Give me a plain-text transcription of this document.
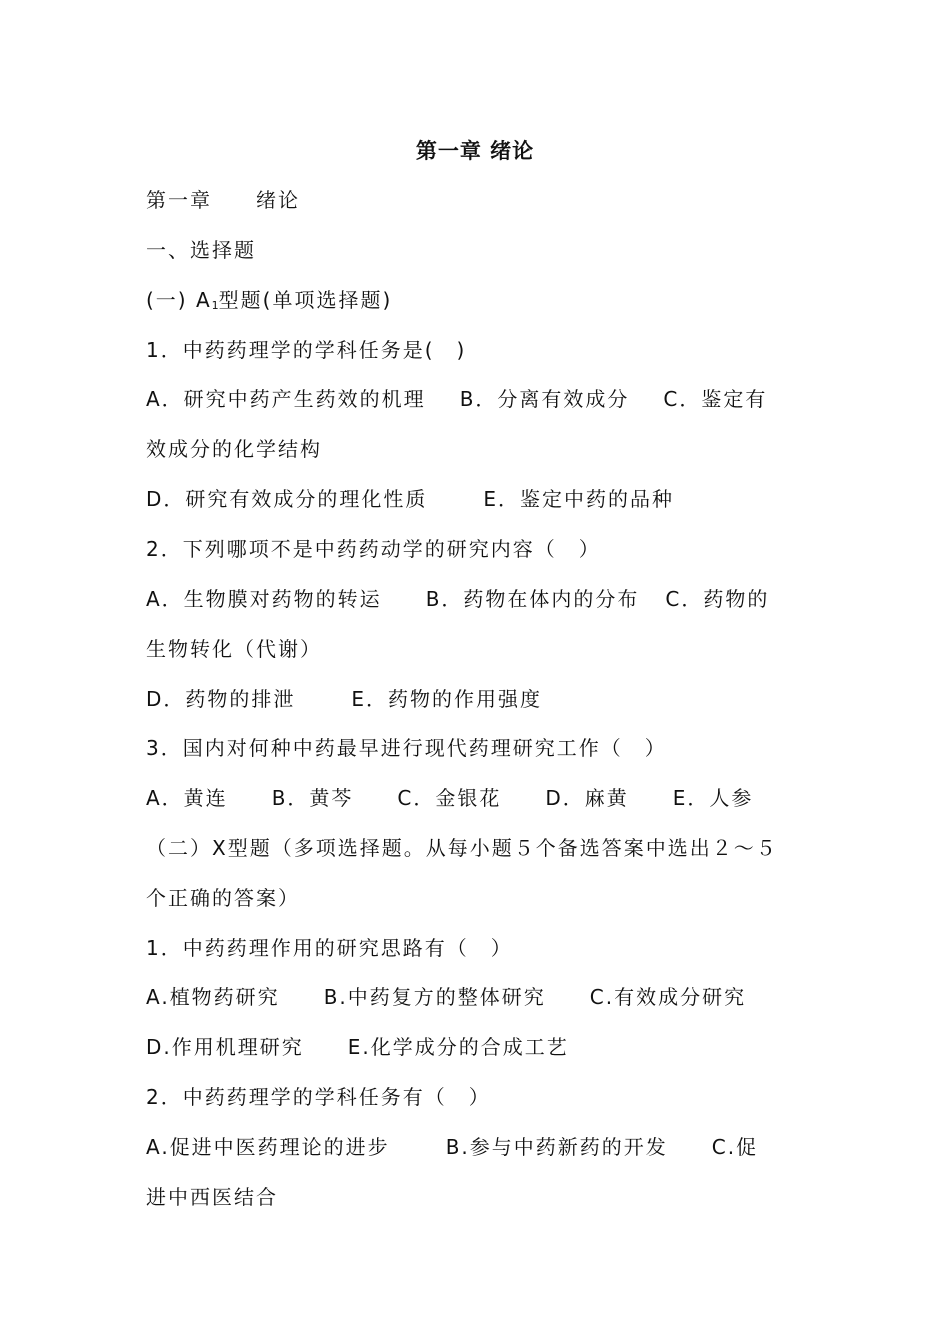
第一章 绪论
第一章 绪论
一、选择题
(一) $A_1$型题(单项选择题)
1．中药药理学的学科任务是(　)
A．研究中药产生药效的机理 B．分离有效成分 C．鉴定有
效成分的化学结构
D．研究有效成分的理化性质	E．鉴定中药的品种
2．下列哪项不是中药药动学的研究内容（　）
A．生物膜对药物的转运 B．药物在体内的分布 C．药物的
生物转化（代谢）
D．药物的排泄	E．药物的作用强度
3．国内对何种中药最早进行现代药理研究工作（　）
A．黄连 B．黄芩 C．金银花 D．麻黄 E．人参
（二）X型题（多项选择题。从每小题５个备选答案中选出２～５
个正确的答案）
1．中药药理作用的研究思路有（　）
A.植物药研究 B.中药复方的整体研究 C.有效成分研究
D.作用机理研究 E.化学成分的合成工艺
2．中药药理学的学科任务有（　）
A.促进中医药理论的进步	B.参与中药新药的开发 C.促
进中西医结合
